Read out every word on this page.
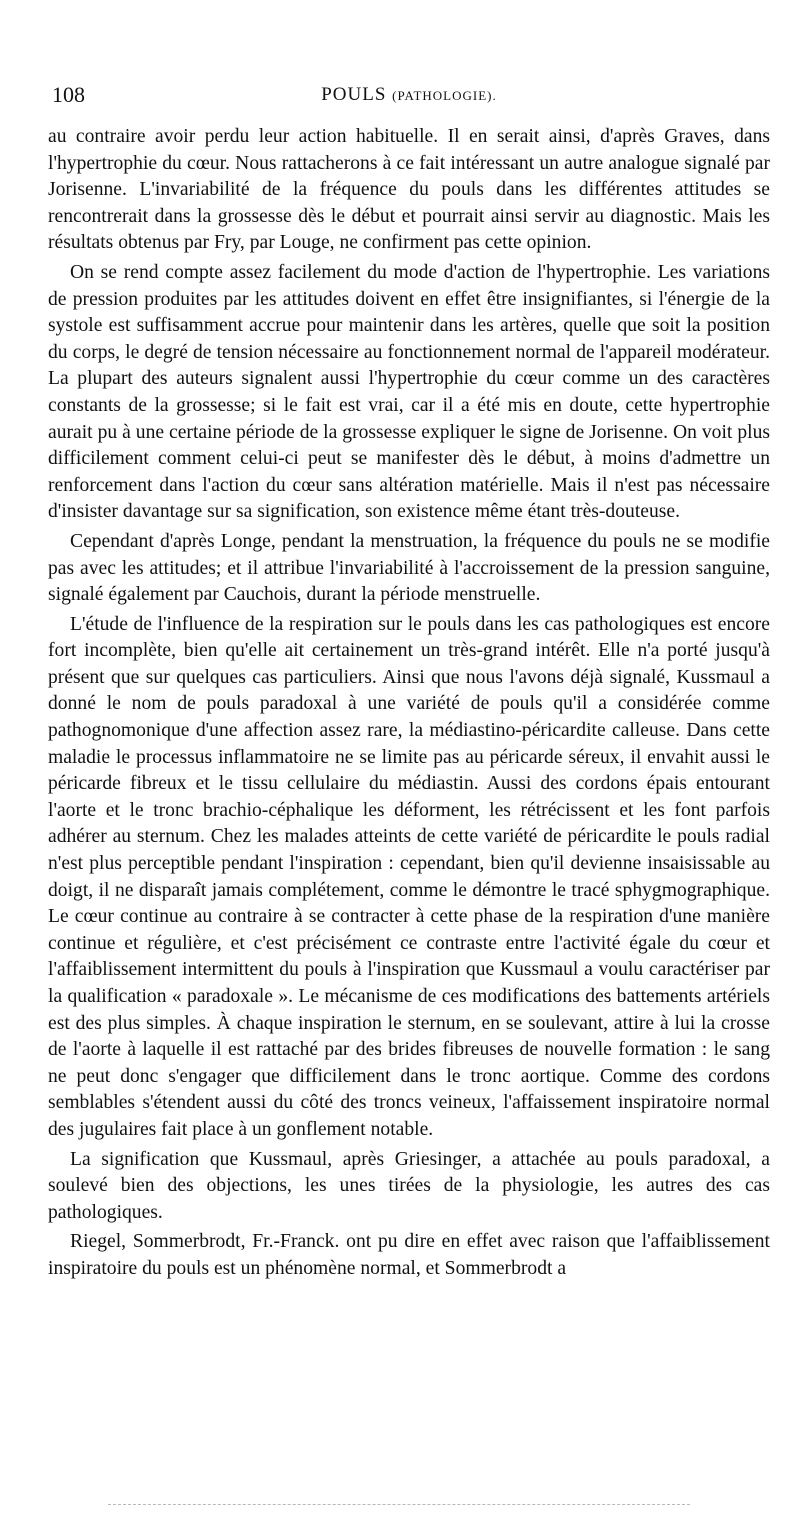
108	POULS (PATHOLOGIE).

au contraire avoir perdu leur action habituelle. Il en serait ainsi, d'après Graves, dans l'hypertrophie du cœur. Nous rattacherons à ce fait intéressant un autre analogue signalé par Jorisenne. L'invariabilité de la fréquence du pouls dans les différentes attitudes se rencontrerait dans la grossesse dès le début et pourrait ainsi servir au diagnostic. Mais les résultats obtenus par Fry, par Louge, ne confirment pas cette opinion.

On se rend compte assez facilement du mode d'action de l'hypertrophie. Les variations de pression produites par les attitudes doivent en effet être insignifiantes, si l'énergie de la systole est suffisamment accrue pour maintenir dans les artères, quelle que soit la position du corps, le degré de tension nécessaire au fonctionnement normal de l'appareil modérateur. La plupart des auteurs signalent aussi l'hypertrophie du cœur comme un des caractères constants de la grossesse; si le fait est vrai, car il a été mis en doute, cette hypertrophie aurait pu à une certaine période de la grossesse expliquer le signe de Jorisenne. On voit plus difficilement comment celui-ci peut se manifester dès le début, à moins d'admettre un renforcement dans l'action du cœur sans altération matérielle. Mais il n'est pas nécessaire d'insister davantage sur sa signification, son existence même étant très-douteuse.

Cependant d'après Longe, pendant la menstruation, la fréquence du pouls ne se modifie pas avec les attitudes; et il attribue l'invariabilité à l'accroissement de la pression sanguine, signalé également par Cauchois, durant la période menstruelle.

L'étude de l'influence de la respiration sur le pouls dans les cas pathologiques est encore fort incomplète, bien qu'elle ait certainement un très-grand intérêt. Elle n'a porté jusqu'à présent que sur quelques cas particuliers. Ainsi que nous l'avons déjà signalé, Kussmaul a donné le nom de pouls paradoxal à une variété de pouls qu'il a considérée comme pathognomonique d'une affection assez rare, la médiastino-péricardite calleuse. Dans cette maladie le processus inflammatoire ne se limite pas au péricarde séreux, il envahit aussi le péricarde fibreux et le tissu cellulaire du médiastin. Aussi des cordons épais entourant l'aorte et le tronc brachio-céphalique les déforment, les rétrécissent et les font parfois adhérer au sternum. Chez les malades atteints de cette variété de péricardite le pouls radial n'est plus perceptible pendant l'inspiration : cependant, bien qu'il devienne insaisissable au doigt, il ne disparaît jamais complétement, comme le démontre le tracé sphygmographique. Le cœur continue au contraire à se contracter à cette phase de la respiration d'une manière continue et régulière, et c'est précisément ce contraste entre l'activité égale du cœur et l'affaiblissement intermittent du pouls à l'inspiration que Kussmaul a voulu caractériser par la qualification « paradoxale ». Le mécanisme de ces modifications des battements artériels est des plus simples. À chaque inspiration le sternum, en se soulevant, attire à lui la crosse de l'aorte à laquelle il est rattaché par des brides fibreuses de nouvelle formation : le sang ne peut donc s'engager que difficilement dans le tronc aortique. Comme des cordons semblables s'étendent aussi du côté des troncs veineux, l'affaissement inspiratoire normal des jugulaires fait place à un gonflement notable.

La signification que Kussmaul, après Griesinger, a attachée au pouls paradoxal, a soulevé bien des objections, les unes tirées de la physiologie, les autres des cas pathologiques.

Riegel, Sommerbrodt, Fr.-Franck. ont pu dire en effet avec raison que l'affaiblissement inspiratoire du pouls est un phénomène normal, et Sommerbrodt a
